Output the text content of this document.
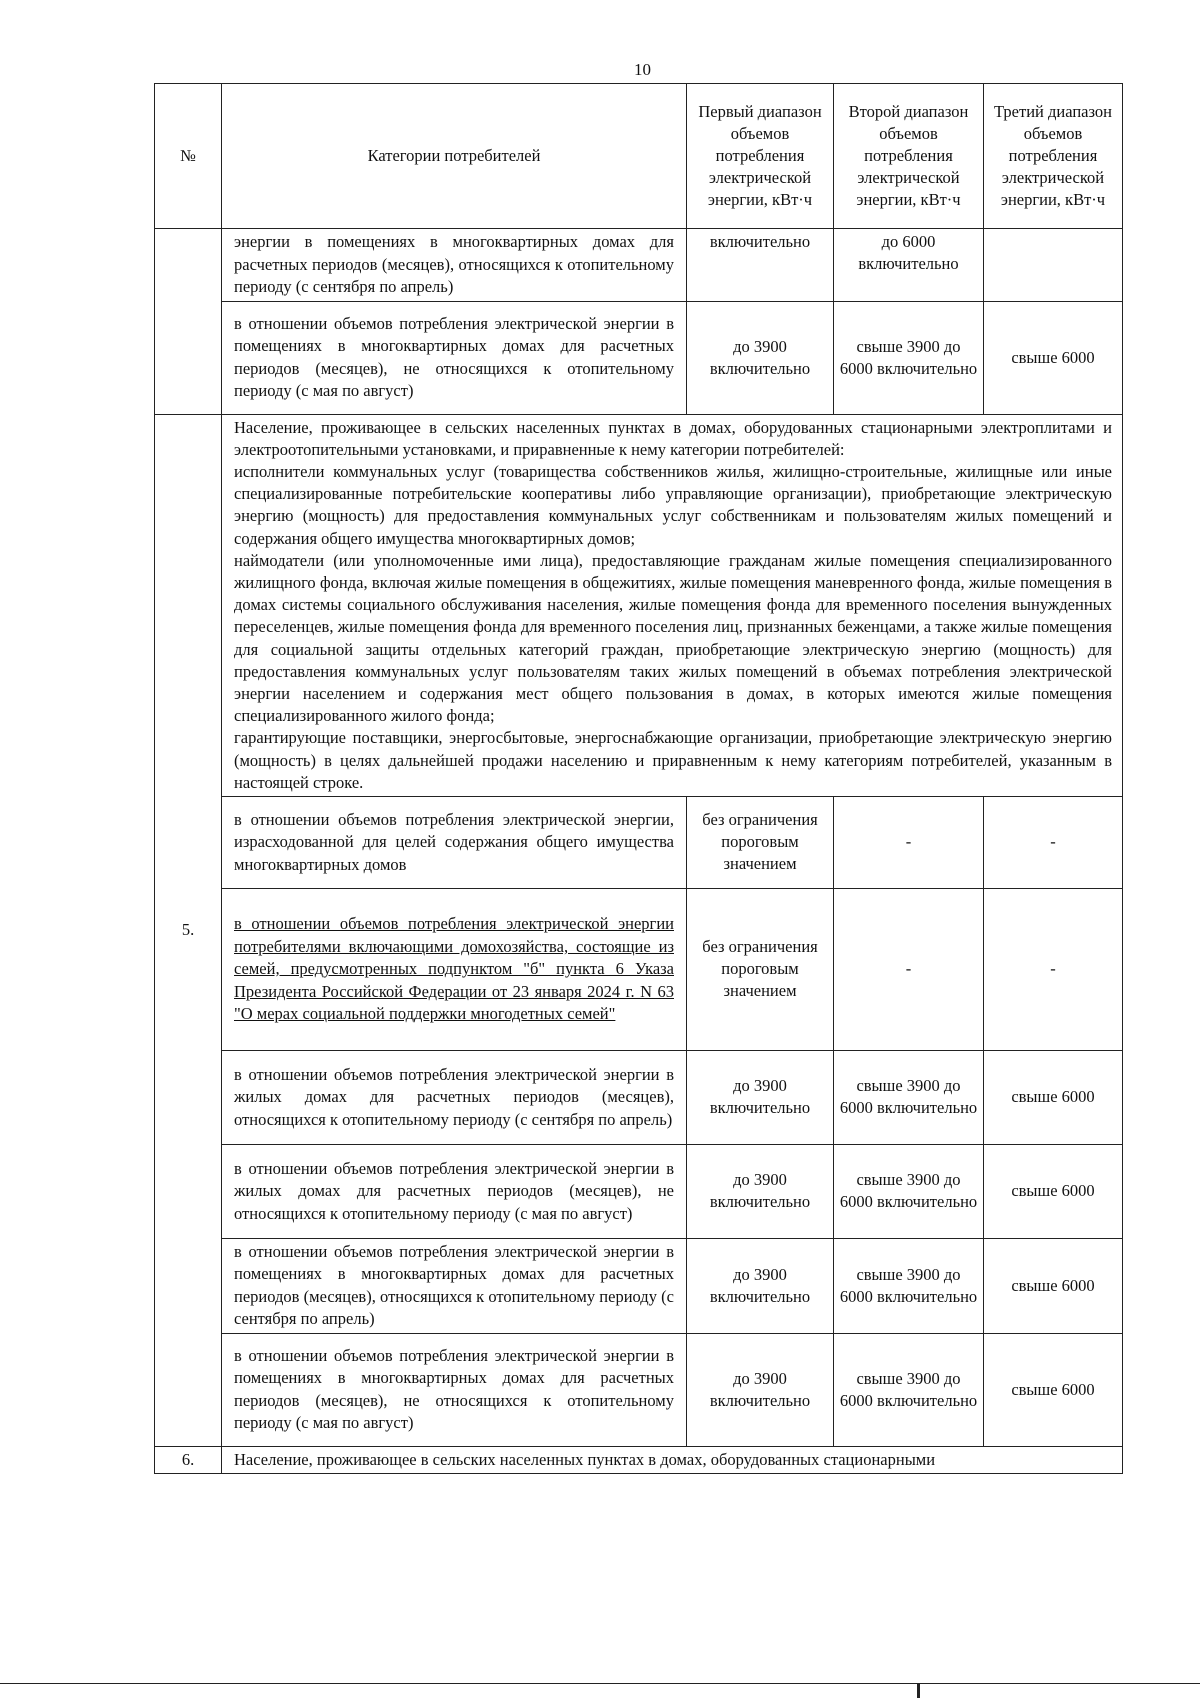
10
№	Категории потребителей	Первый диапазон объемов потребления электрической энергии, кВт·ч	Второй диапазон объемов потребления электрической энергии, кВт·ч	Третий диапазон объемов потребления электрической энергии, кВт·ч
	энергии в помещениях в многоквартирных домах для расчетных периодов (месяцев), относящихся к отопительному периоду (с сентября по апрель)	включительно	до 6000 включительно	
	в отношении объемов потребления электрической энергии в помещениях в многоквартирных домах для расчетных периодов (месяцев), не относящихся к отопительному периоду (с мая по август)	до 3900 включительно	свыше 3900 до 6000 включительно	свыше 6000
5.	Население, проживающее в сельских населенных пунктах в домах, оборудованных стационарными электроплитами и электроотопительными установками, и приравненные к нему категории потребителей:

исполнители коммунальных услуг (товарищества собственников жилья, жилищно-строительные, жилищные или иные специализированные потребительские кооперативы либо управляющие организации), приобретающие электрическую энергию (мощность) для предоставления коммунальных услуг собственникам и пользователям жилых помещений и содержания общего имущества многоквартирных домов;

наймодатели (или уполномоченные ими лица), предоставляющие гражданам жилые помещения специализированного жилищного фонда, включая жилые помещения в общежитиях, жилые помещения маневренного фонда, жилые помещения в домах системы социального обслуживания населения, жилые помещения фонда для временного поселения вынужденных переселенцев, жилые помещения фонда для временного поселения лиц, признанных беженцами, а также жилые помещения для социальной защиты отдельных категорий граждан, приобретающие электрическую энергию (мощность) для предоставления коммунальных услуг пользователям таких жилых помещений в объемах потребления электрической энергии населением и содержания мест общего пользования в домах, в которых имеются жилые помещения специализированного жилого фонда;

гарантирующие поставщики, энергосбытовые, энергоснабжающие организации, приобретающие электрическую энергию (мощность) в целях дальнейшей продажи населению и приравненным к нему категориям потребителей, указанным в настоящей строке.			

	в отношении объемов потребления электрической энергии, израсходованной для целей содержания общего имущества многоквартирных домов	без ограничения пороговым значением	-	-
	в отношении объемов потребления электрической энергии потребителями включающими домохозяйства, состоящие из семей, предусмотренных подпунктом "б" пункта 6 Указа Президента Российской Федерации от 23 января 2024 г. N 63 "О мерах социальной поддержки многодетных семей"	без ограничения пороговым значением	-	-
	в отношении объемов потребления электрической энергии в жилых домах для расчетных периодов (месяцев), относящихся к отопительному периоду (с сентября по апрель)	до 3900 включительно	свыше 3900 до 6000 включительно	свыше 6000
	в отношении объемов потребления электрической энергии в жилых домах для расчетных периодов (месяцев), не относящихся к отопительному периоду (с мая по август)	до 3900 включительно	свыше 3900 до 6000 включительно	свыше 6000
	в отношении объемов потребления электрической энергии в помещениях в многоквартирных домах для расчетных периодов (месяцев), относящихся к отопительному периоду (с сентября по апрель)	до 3900 включительно	свыше 3900 до 6000 включительно	свыше 6000
	в отношении объемов потребления электрической энергии в помещениях в многоквартирных домах для расчетных периодов (месяцев), не относящихся к отопительному периоду (с мая по август)	до 3900 включительно	свыше 3900 до 6000 включительно	свыше 6000
6.	Население, проживающее в сельских населенных пунктах в домах, оборудованных стационарными			
